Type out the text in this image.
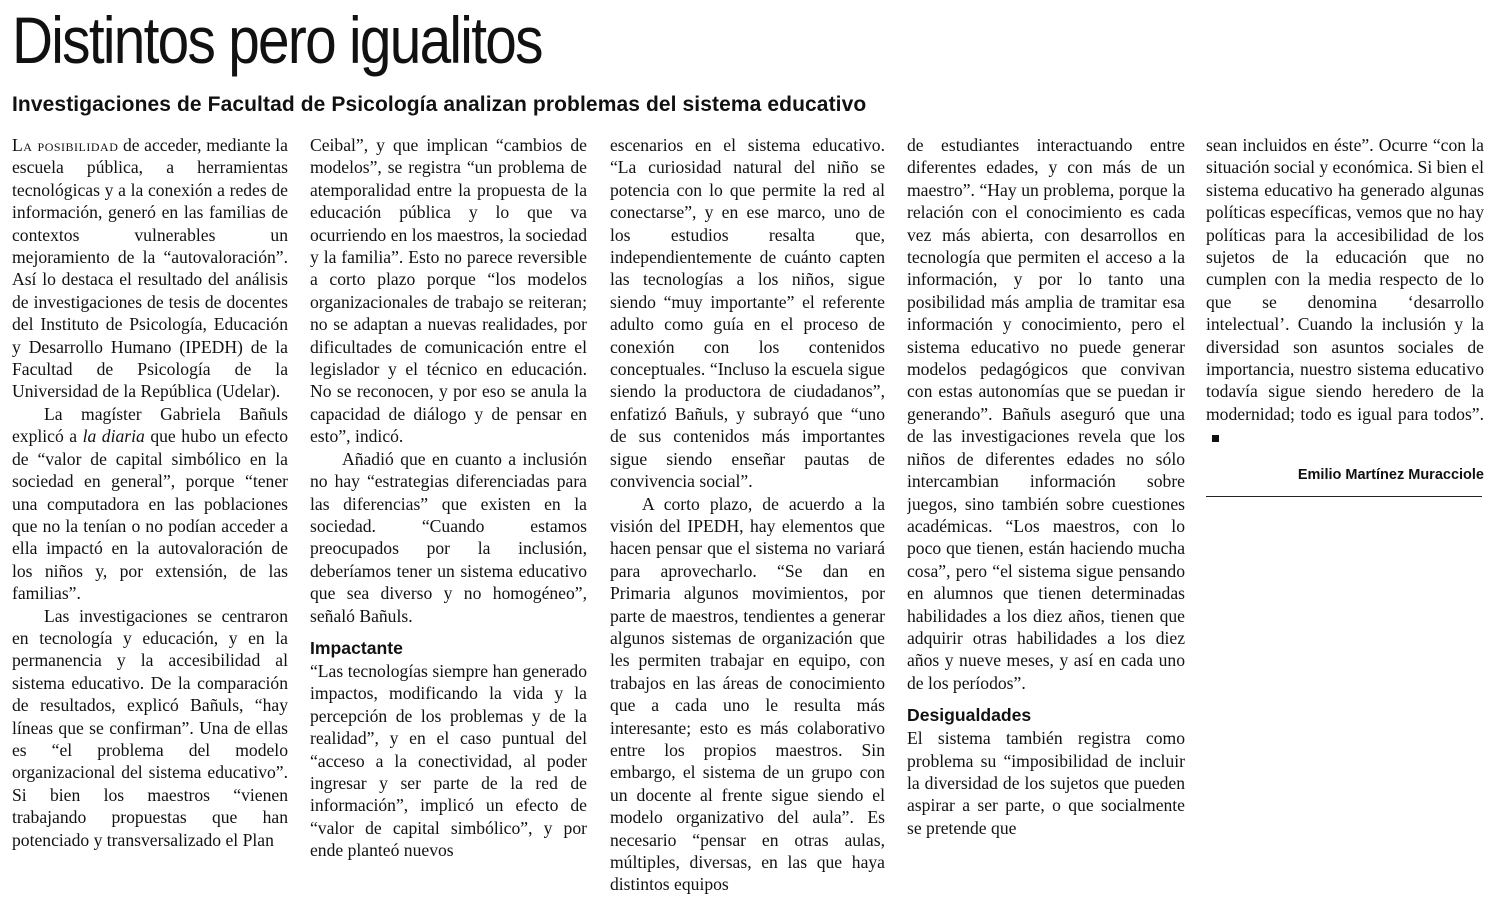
Distintos pero igualitos
Investigaciones de Facultad de Psicología analizan problemas del sistema educativo

La posibilidad de acceder, mediante la escuela pública, a herramientas tecnológicas y a la conexión a redes de información, generó en las familias de contextos vulnerables un mejoramiento de la “autovaloración”. Así lo destaca el resultado del análisis de investigaciones de tesis de docentes del Instituto de Psicología, Educación y Desarrollo Humano (IPEDH) de la Facultad de Psicología de la Universidad de la República (Udelar).

La magíster Gabriela Bañuls explicó a la diaria que hubo un efecto de “valor de capital simbólico en la sociedad en general”, porque “tener una computadora en las poblaciones que no la tenían o no podían acceder a ella impactó en la autovaloración de los niños y, por extensión, de las familias”.

Las investigaciones se centraron en tecnología y educación, y en la permanencia y la accesibilidad al sistema educativo. De la comparación de resultados, explicó Bañuls, “hay líneas que se confirman”. Una de ellas es “el problema del modelo organizacional del sistema educativo”. Si bien los maestros “vienen trabajando propuestas que han potenciado y transversalizado el Plan

Ceibal”, y que implican “cambios de modelos”, se registra “un problema de atemporalidad entre la propuesta de la educación pública y lo que va ocurriendo en los maestros, la sociedad y la familia”. Esto no parece reversible a corto plazo porque “los modelos organizacionales de trabajo se reiteran; no se adaptan a nuevas realidades, por dificultades de comunicación entre el legislador y el técnico en educación. No se reconocen, y por eso se anula la capacidad de diálogo y de pensar en esto”, indicó.

Añadió que en cuanto a inclusión no hay “estrategias diferenciadas para las diferencias” que existen en la sociedad. “Cuando estamos preocupados por la inclusión, deberíamos tener un sistema educativo que sea diverso y no homogéneo”, señaló Bañuls.

Impactante

“Las tecnologías siempre han generado impactos, modificando la vida y la percepción de los problemas y de la realidad”, y en el caso puntual del “acceso a la conectividad, al poder ingresar y ser parte de la red de información”, implicó un efecto de “valor de capital simbólico”, y por ende planteó nuevos

escenarios en el sistema educativo. “La curiosidad natural del niño se potencia con lo que permite la red al conectarse”, y en ese marco, uno de los estudios resalta que, independientemente de cuánto capten las tecnologías a los niños, sigue siendo “muy importante” el referente adulto como guía en el proceso de conexión con los contenidos conceptuales. “Incluso la escuela sigue siendo la productora de ciudadanos”, enfatizó Bañuls, y subrayó que “uno de sus contenidos más importantes sigue siendo enseñar pautas de convivencia social”.

A corto plazo, de acuerdo a la visión del IPEDH, hay elementos que hacen pensar que el sistema no variará para aprovecharlo. “Se dan en Primaria algunos movimientos, por parte de maestros, tendientes a generar algunos sistemas de organización que les permiten trabajar en equipo, con trabajos en las áreas de conocimiento que a cada uno le resulta más interesante; esto es más colaborativo entre los propios maestros. Sin embargo, el sistema de un grupo con un docente al frente sigue siendo el modelo organizativo del aula”. Es necesario “pensar en otras aulas, múltiples, diversas, en las que haya distintos equipos

de estudiantes interactuando entre diferentes edades, y con más de un maestro”. “Hay un problema, porque la relación con el conocimiento es cada vez más abierta, con desarrollos en tecnología que permiten el acceso a la información, y por lo tanto una posibilidad más amplia de tramitar esa información y conocimiento, pero el sistema educativo no puede generar modelos pedagógicos que convivan con estas autonomías que se puedan ir generando”. Bañuls aseguró que una de las investigaciones revela que los niños de diferentes edades no sólo intercambian información sobre juegos, sino también sobre cuestiones académicas. “Los maestros, con lo poco que tienen, están haciendo mucha cosa”, pero “el sistema sigue pensando en alumnos que tienen determinadas habilidades a los diez años, tienen que adquirir otras habilidades a los diez años y nueve meses, y así en cada uno de los períodos”.

Desigualdades

El sistema también registra como problema su “imposibilidad de incluir la diversidad de los sujetos que pueden aspirar a ser parte, o que socialmente se pretende que

sean incluidos en éste”. Ocurre “con la situación social y económica. Si bien el sistema educativo ha generado algunas políticas específicas, vemos que no hay políticas para la accesibilidad de los sujetos de la educación que no cumplen con la media respecto de lo que se denomina ‘desarrollo intelectual’. Cuando la inclusión y la diversidad son asuntos sociales de importancia, nuestro sistema educativo todavía sigue siendo heredero de la modernidad; todo es igual para todos”.

Emilio Martínez Muracciole
